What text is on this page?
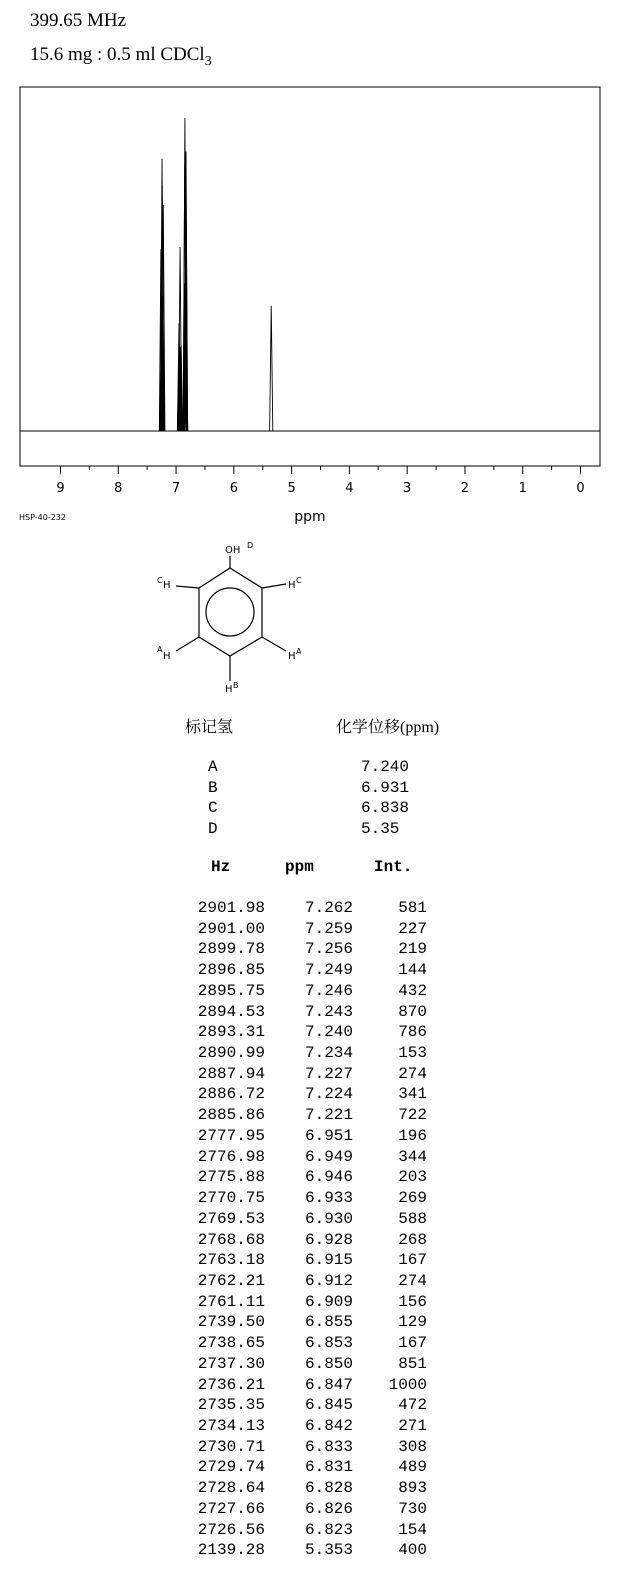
399.65 MHz
15.6 mg : 0.5 ml CDCl$_3$
9	8	7	6	5	4	3	2	1	0
ppm
HSP-40-232
OH D
C H	H C
A
H	H A
H B
标记氢	化学位移(ppm)
A	7.240
B	6.931
C	6.838
D	5.35
Hz	ppm	Int.
2901.98 7.262	581
2901.00 7.259	227
2899.78 7.256	219
2896.85 7.249	144
2895.75 7.246	432
2894.53 7.243	870
2893.31 7.240	786
2890.99 7.234	153
2887.94 7.227	274
2886.72 7.224	341
2885.86 7.221	722
2777.95 6.951	196
2776.98 6.949	344
2775.88 6.946	203
2770.75 6.933	269
2769.53 6.930	588
2768.68 6.928	268
2763.18 6.915	167
2762.21 6.912	274
2761.11 6.909	156
2739.50 6.855	129
2738.65 6.853	167
2737.30 6.850	851
2736.21 6.847 1000
2735.35 6.845	472
2734.13 6.842	271
2730.71 6.833	308
2729.74 6.831	489
2728.64 6.828	893
2727.66 6.826	730
2726.56 6.823	154
2139.28 5.353	400
